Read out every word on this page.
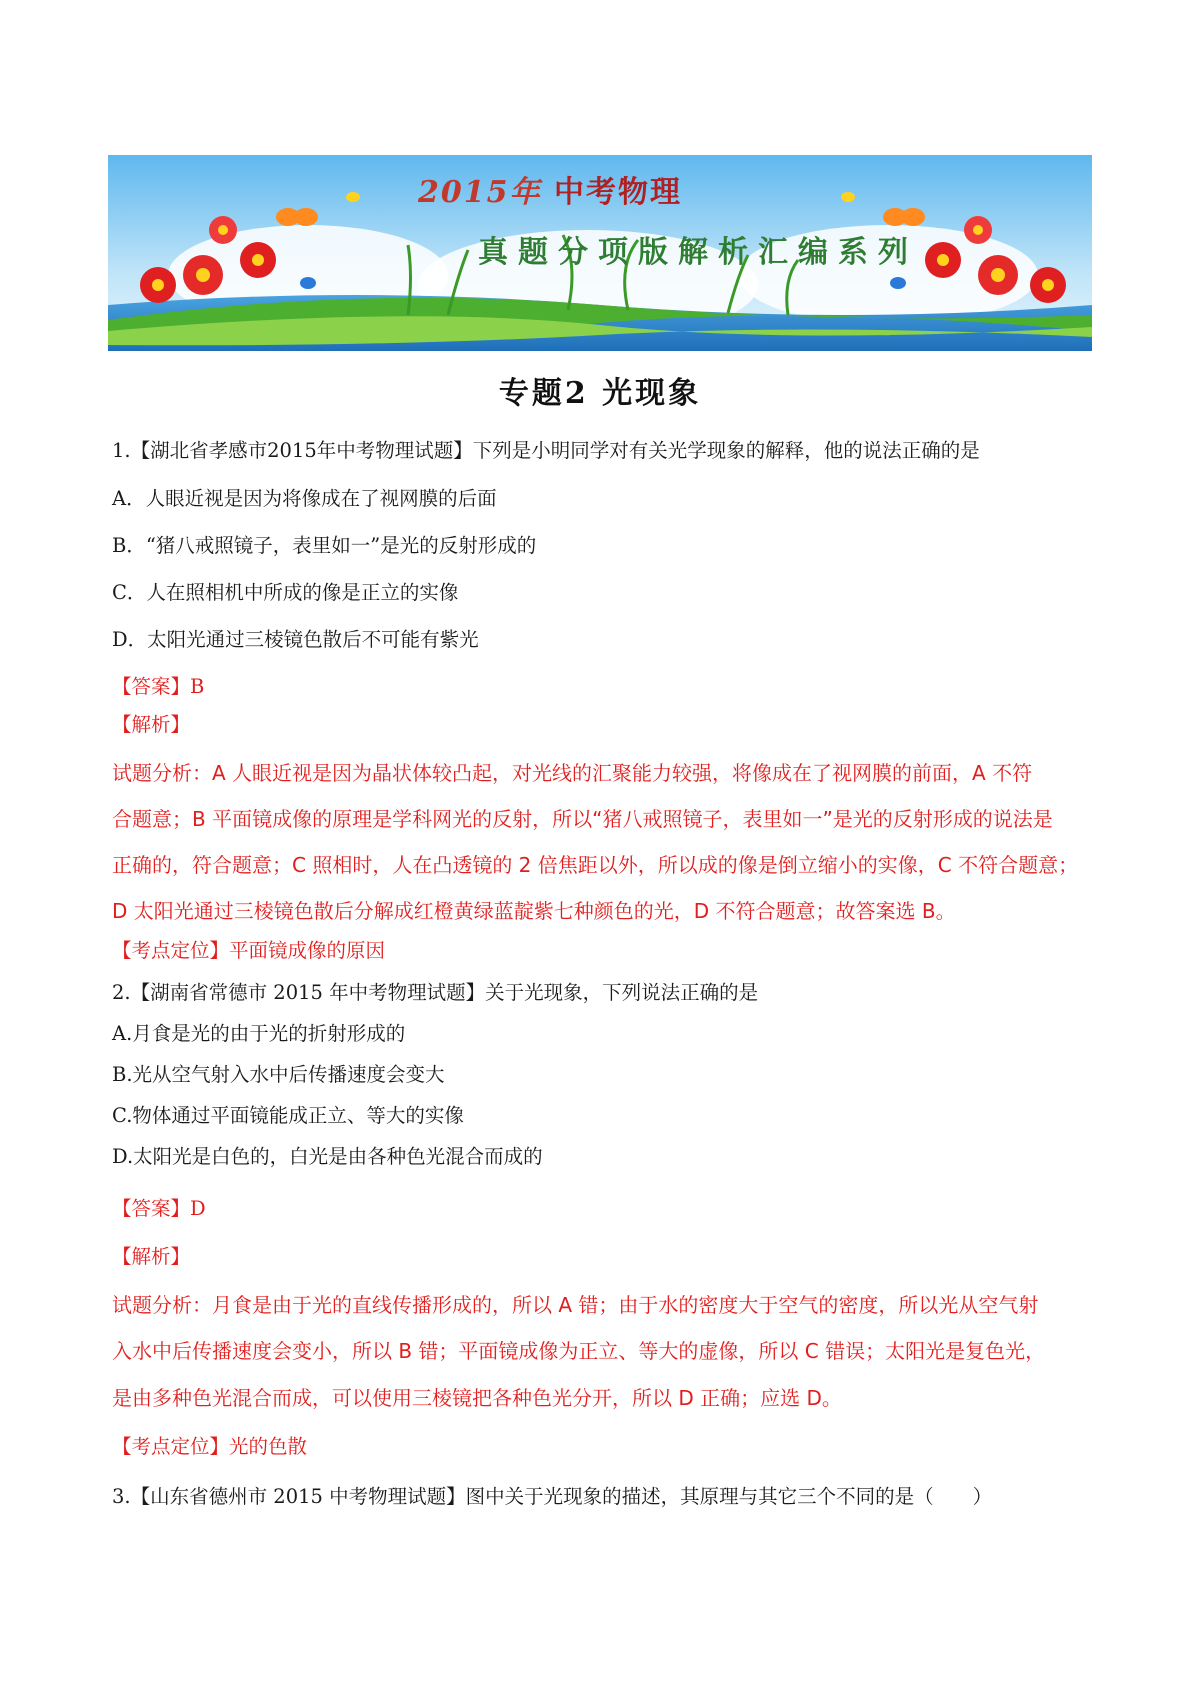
2015年 中考物理
真题分项版解析汇编系列
专题2 光现象
1.【湖北省孝感市2015年中考物理试题】下列是小明同学对有关光学现象的解释，他的说法正确的是
A．人眼近视是因为将像成在了视网膜的后面
B．“猪八戒照镜子，表里如一”是光的反射形成的
C．人在照相机中所成的像是正立的实像
D．太阳光通过三棱镜色散后不可能有紫光
【答案】B
【解析】
试题分析：A 人眼近视是因为晶状体较凸起，对光线的汇聚能力较强，将像成在了视网膜的前面，A 不符
合题意；B 平面镜成像的原理是学科网光的反射，所以“猪八戒照镜子，表里如一”是光的反射形成的说法是
正确的，符合题意；C 照相时，人在凸透镜的 2 倍焦距以外，所以成的像是倒立缩小的实像，C 不符合题意；
D 太阳光通过三棱镜色散后分解成红橙黄绿蓝靛紫七种颜色的光，D 不符合题意；故答案选 B。
【考点定位】平面镜成像的原因
2.【湖南省常德市 2015 年中考物理试题】关于光现象，下列说法正确的是
A.月食是光的由于光的折射形成的
B.光从空气射入水中后传播速度会变大
C.物体通过平面镜能成正立、等大的实像
D.太阳光是白色的，白光是由各种色光混合而成的
【答案】D
【解析】
试题分析：月食是由于光的直线传播形成的，所以 A 错；由于水的密度大于空气的密度，所以光从空气射
入水中后传播速度会变小，所以 B 错；平面镜成像为正立、等大的虚像，所以 C 错误；太阳光是复色光，
是由多种色光混合而成，可以使用三棱镜把各种色光分开，所以 D 正确；应选 D。
【考点定位】光的色散
3.【山东省德州市 2015 中考物理试题】图中关于光现象的描述，其原理与其它三个不同的是（　　）
